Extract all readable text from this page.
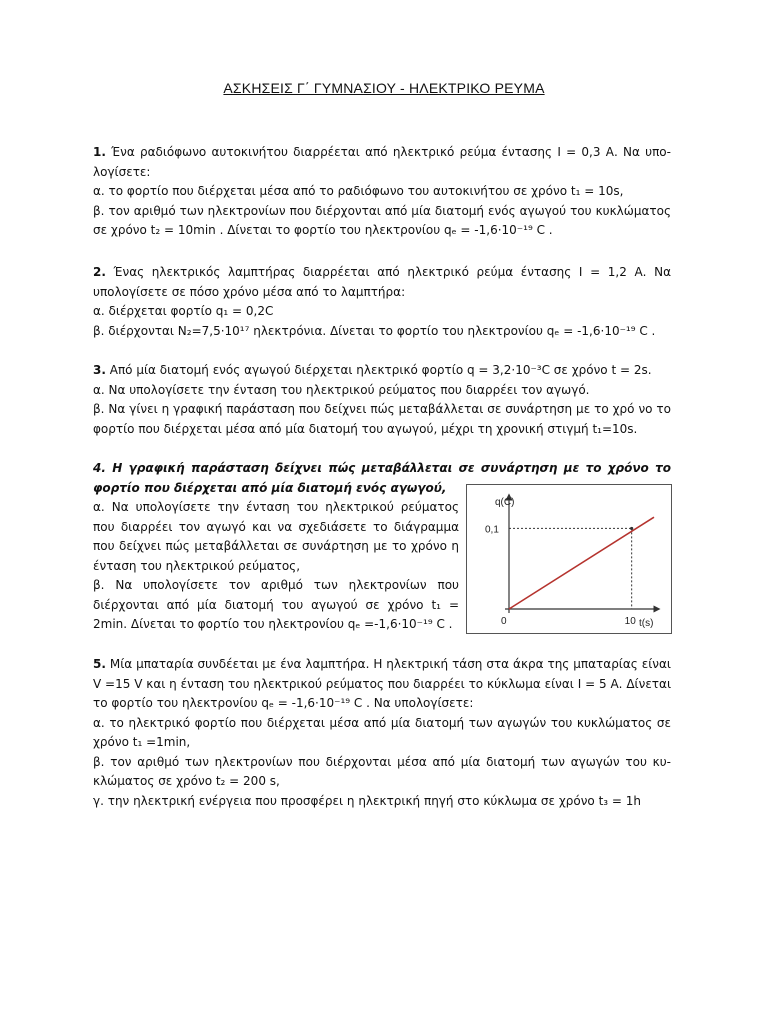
ΑΣΚΗΣΕΙΣ Γ΄ ΓΥΜΝΑΣΙΟΥ - ΗΛΕΚΤΡΙΚΟ ΡΕΥΜΑ
1. Ένα ραδιόφωνο αυτοκινήτου διαρρέεται από ηλεκτρικό ρεύμα έντασης Ι = 0,3 Α. Να υπο-λογίσετε:
α. το φορτίο που διέρχεται μέσα από το ραδιόφωνο του αυτοκινήτου σε χρόνο t₁ = 10s,
β. τον αριθμό των ηλεκτρονίων που διέρχονται από μία διατομή ενός αγωγού του κυκλώματος σε χρόνο t₂ = 10min . Δίνεται το φορτίο του ηλεκτρονίου qₑ = -1,6·10⁻¹⁹ C .
2. Ένας ηλεκτρικός λαμπτήρας διαρρέεται από ηλεκτρικό ρεύμα έντασης Ι = 1,2 Α. Να υπολογίσετε σε πόσο χρόνο μέσα από το λαμπτήρα:
α. διέρχεται φορτίο q₁ = 0,2C
β. διέρχονται N₂=7,5·10¹⁷ ηλεκτρόνια. Δίνεται το φορτίο του ηλεκτρονίου qₑ = -1,6·10⁻¹⁹ C .
3. Από μία διατομή ενός αγωγού διέρχεται ηλεκτρικό φορτίο q = 3,2·10⁻³C σε χρόνο t = 2s.
α. Να υπολογίσετε την ένταση του ηλεκτρικού ρεύματος που διαρρέει τον αγωγό.
β. Να γίνει η γραφική παράσταση που δείχνει πώς μεταβάλλεται σε συνάρτηση με το χρό νο το φορτίο που διέρχεται μέσα από μία διατομή του αγωγού, μέχρι τη χρονική στιγμή t₁=10s.
4. Η γραφική παράσταση δείχνει πώς μεταβάλλεται σε συνάρτηση με το χρόνο το φορτίο που διέρχεται από μία διατομή ενός αγωγού,
α. Να υπολογίσετε την ένταση του ηλεκτρικού ρεύματος που διαρρέει τον αγωγό και να σχεδιάσετε το διάγραμμα που δείχνει πώς μεταβάλλεται σε συνάρτηση με το χρόνο η ένταση του ηλεκτρικού ρεύματος,
β. Να υπολογίσετε τον αριθμό των ηλεκτρονίων που διέρχονται από μία διατομή του αγωγού σε χρόνο t₁ = 2min. Δίνεται το φορτίο του ηλεκτρονίου qₑ =-1,6·10⁻¹⁹ C .
q(C)
t(s)
0	10
0,1
5. Μία μπαταρία συνδέεται με ένα λαμπτήρα. Η ηλεκτρική τάση στα άκρα της μπαταρίας είναι V =15 V και η ένταση του ηλεκτρικού ρεύματος που διαρρέει το κύκλωμα είναι Ι = 5 Α. Δίνεται το φορτίο του ηλεκτρονίου qₑ = -1,6·10⁻¹⁹ C . Να υπολογίσετε:
α. το ηλεκτρικό φορτίο που διέρχεται μέσα από μία διατομή των αγωγών του κυκλώματος σε χρόνο t₁ =1min,
β. τον αριθμό των ηλεκτρονίων που διέρχονται μέσα από μία διατομή των αγωγών του κυ-κλώματος σε χρόνο t₂ = 200 s,
γ. την ηλεκτρική ενέργεια που προσφέρει η ηλεκτρική πηγή στο κύκλωμα σε χρόνο t₃ = 1h
